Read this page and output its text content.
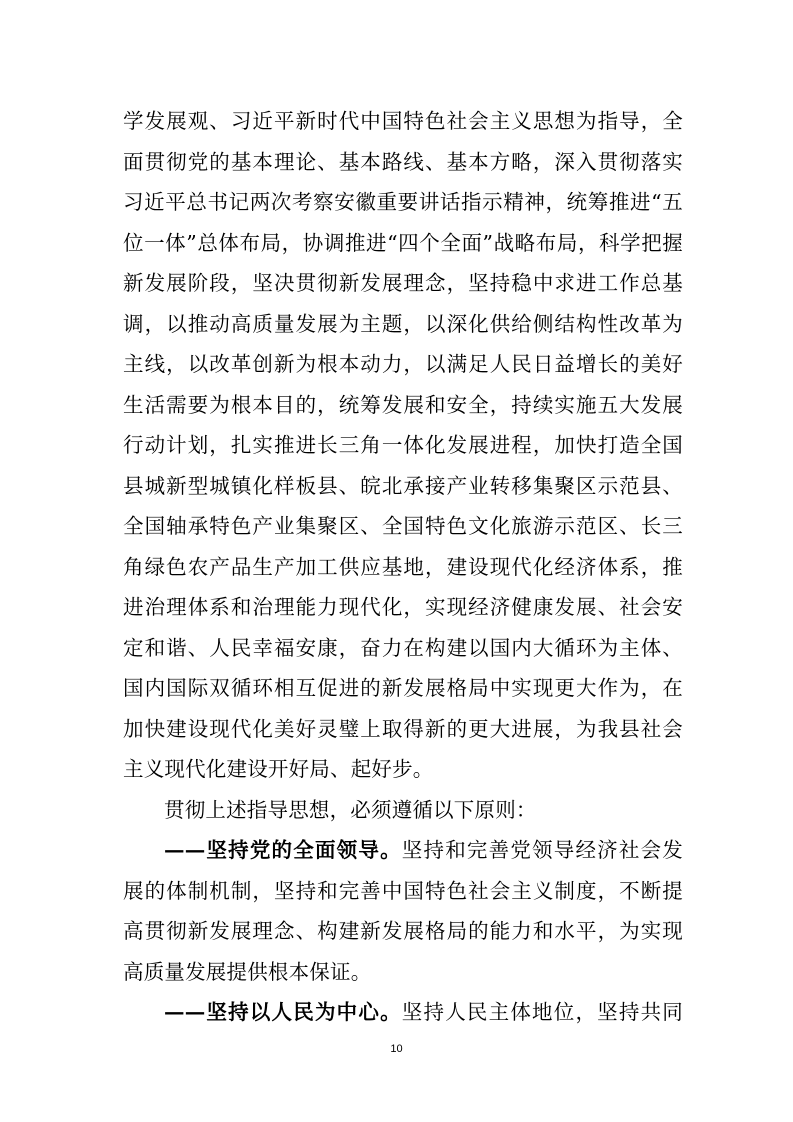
学发展观、习近平新时代中国特色社会主义思想为指导，全
面贯彻党的基本理论、基本路线、基本方略，深入贯彻落实
习近平总书记两次考察安徽重要讲话指示精神，统筹推进“五
位一体”总体布局，协调推进“四个全面”战略布局，科学把握
新发展阶段，坚决贯彻新发展理念，坚持稳中求进工作总基
调，以推动高质量发展为主题，以深化供给侧结构性改革为
主线，以改革创新为根本动力，以满足人民日益增长的美好
生活需要为根本目的，统筹发展和安全，持续实施五大发展
行动计划，扎实推进长三角一体化发展进程，加快打造全国
县城新型城镇化样板县、皖北承接产业转移集聚区示范县、
全国轴承特色产业集聚区、全国特色文化旅游示范区、长三
角绿色农产品生产加工供应基地，建设现代化经济体系，推
进治理体系和治理能力现代化，实现经济健康发展、社会安
定和谐、人民幸福安康，奋力在构建以国内大循环为主体、
国内国际双循环相互促进的新发展格局中实现更大作为，在
加快建设现代化美好灵璧上取得新的更大进展，为我县社会
主义现代化建设开好局、起好步。
贯彻上述指导思想，必须遵循以下原则：
——坚持党的全面领导。坚持和完善党领导经济社会发
展的体制机制，坚持和完善中国特色社会主义制度，不断提
高贯彻新发展理念、构建新发展格局的能力和水平，为实现
高质量发展提供根本保证。
——坚持以人民为中心。坚持人民主体地位，坚持共同
10
